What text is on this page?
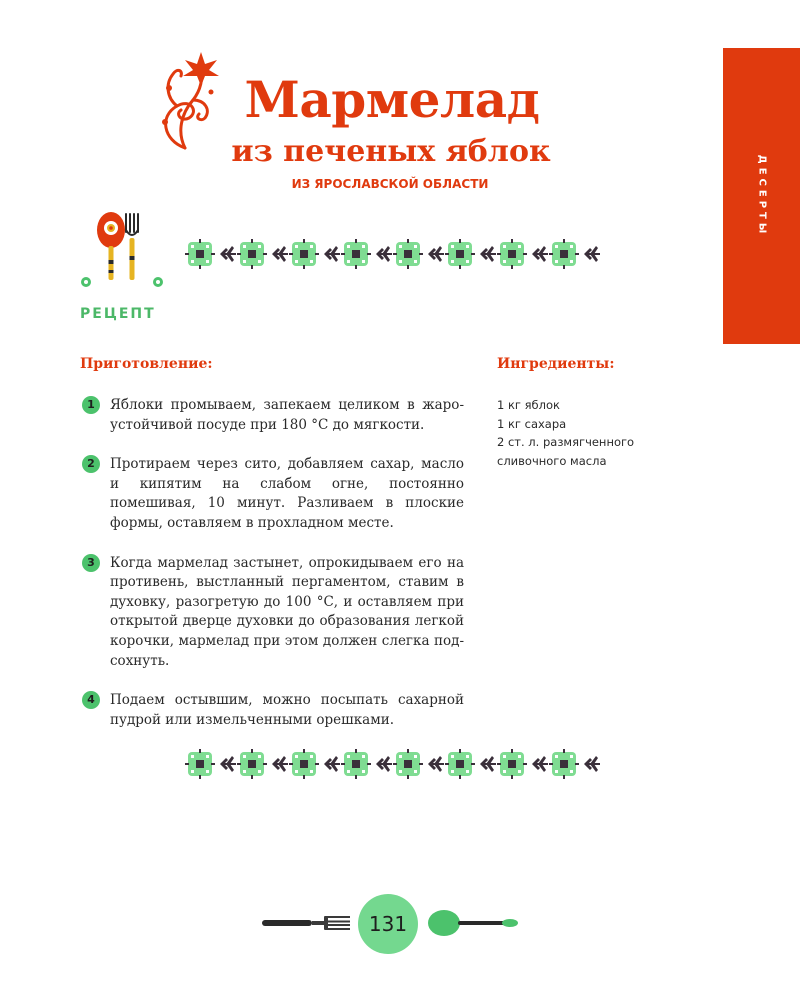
ДЕСЕРТЫ
Мармелад
из печеных яблок
ИЗ ЯРОСЛАВСКОЙ ОБЛАСТИ
РЕЦЕПТ
Приготовление:	Ингредиенты:
1	Яблоки промываем, запекаем целиком в жароустойчивой посуде при 180 °С до мягкости.
2	Протираем через сито, добавляем сахар, масло и кипятим на слабом огне, постоянно помешивая, 10 минут. Разливаем в плоские формы, оставляем в прохладном месте.
3	Когда мармелад застынет, опрокидываем его на противень, выстланный пергаментом, ставим в духовку, разогретую до 100 °С, и оставляем при открытой дверце духовки до образования легкой корочки, мармелад при этом должен слегка подсохнуть.
4	Подаем остывшим, можно посыпать сахарной пудрой или измельченными орешками.
1 кг яблок
1 кг сахара
2 ст. л. размягченного
сливочного масла
131
